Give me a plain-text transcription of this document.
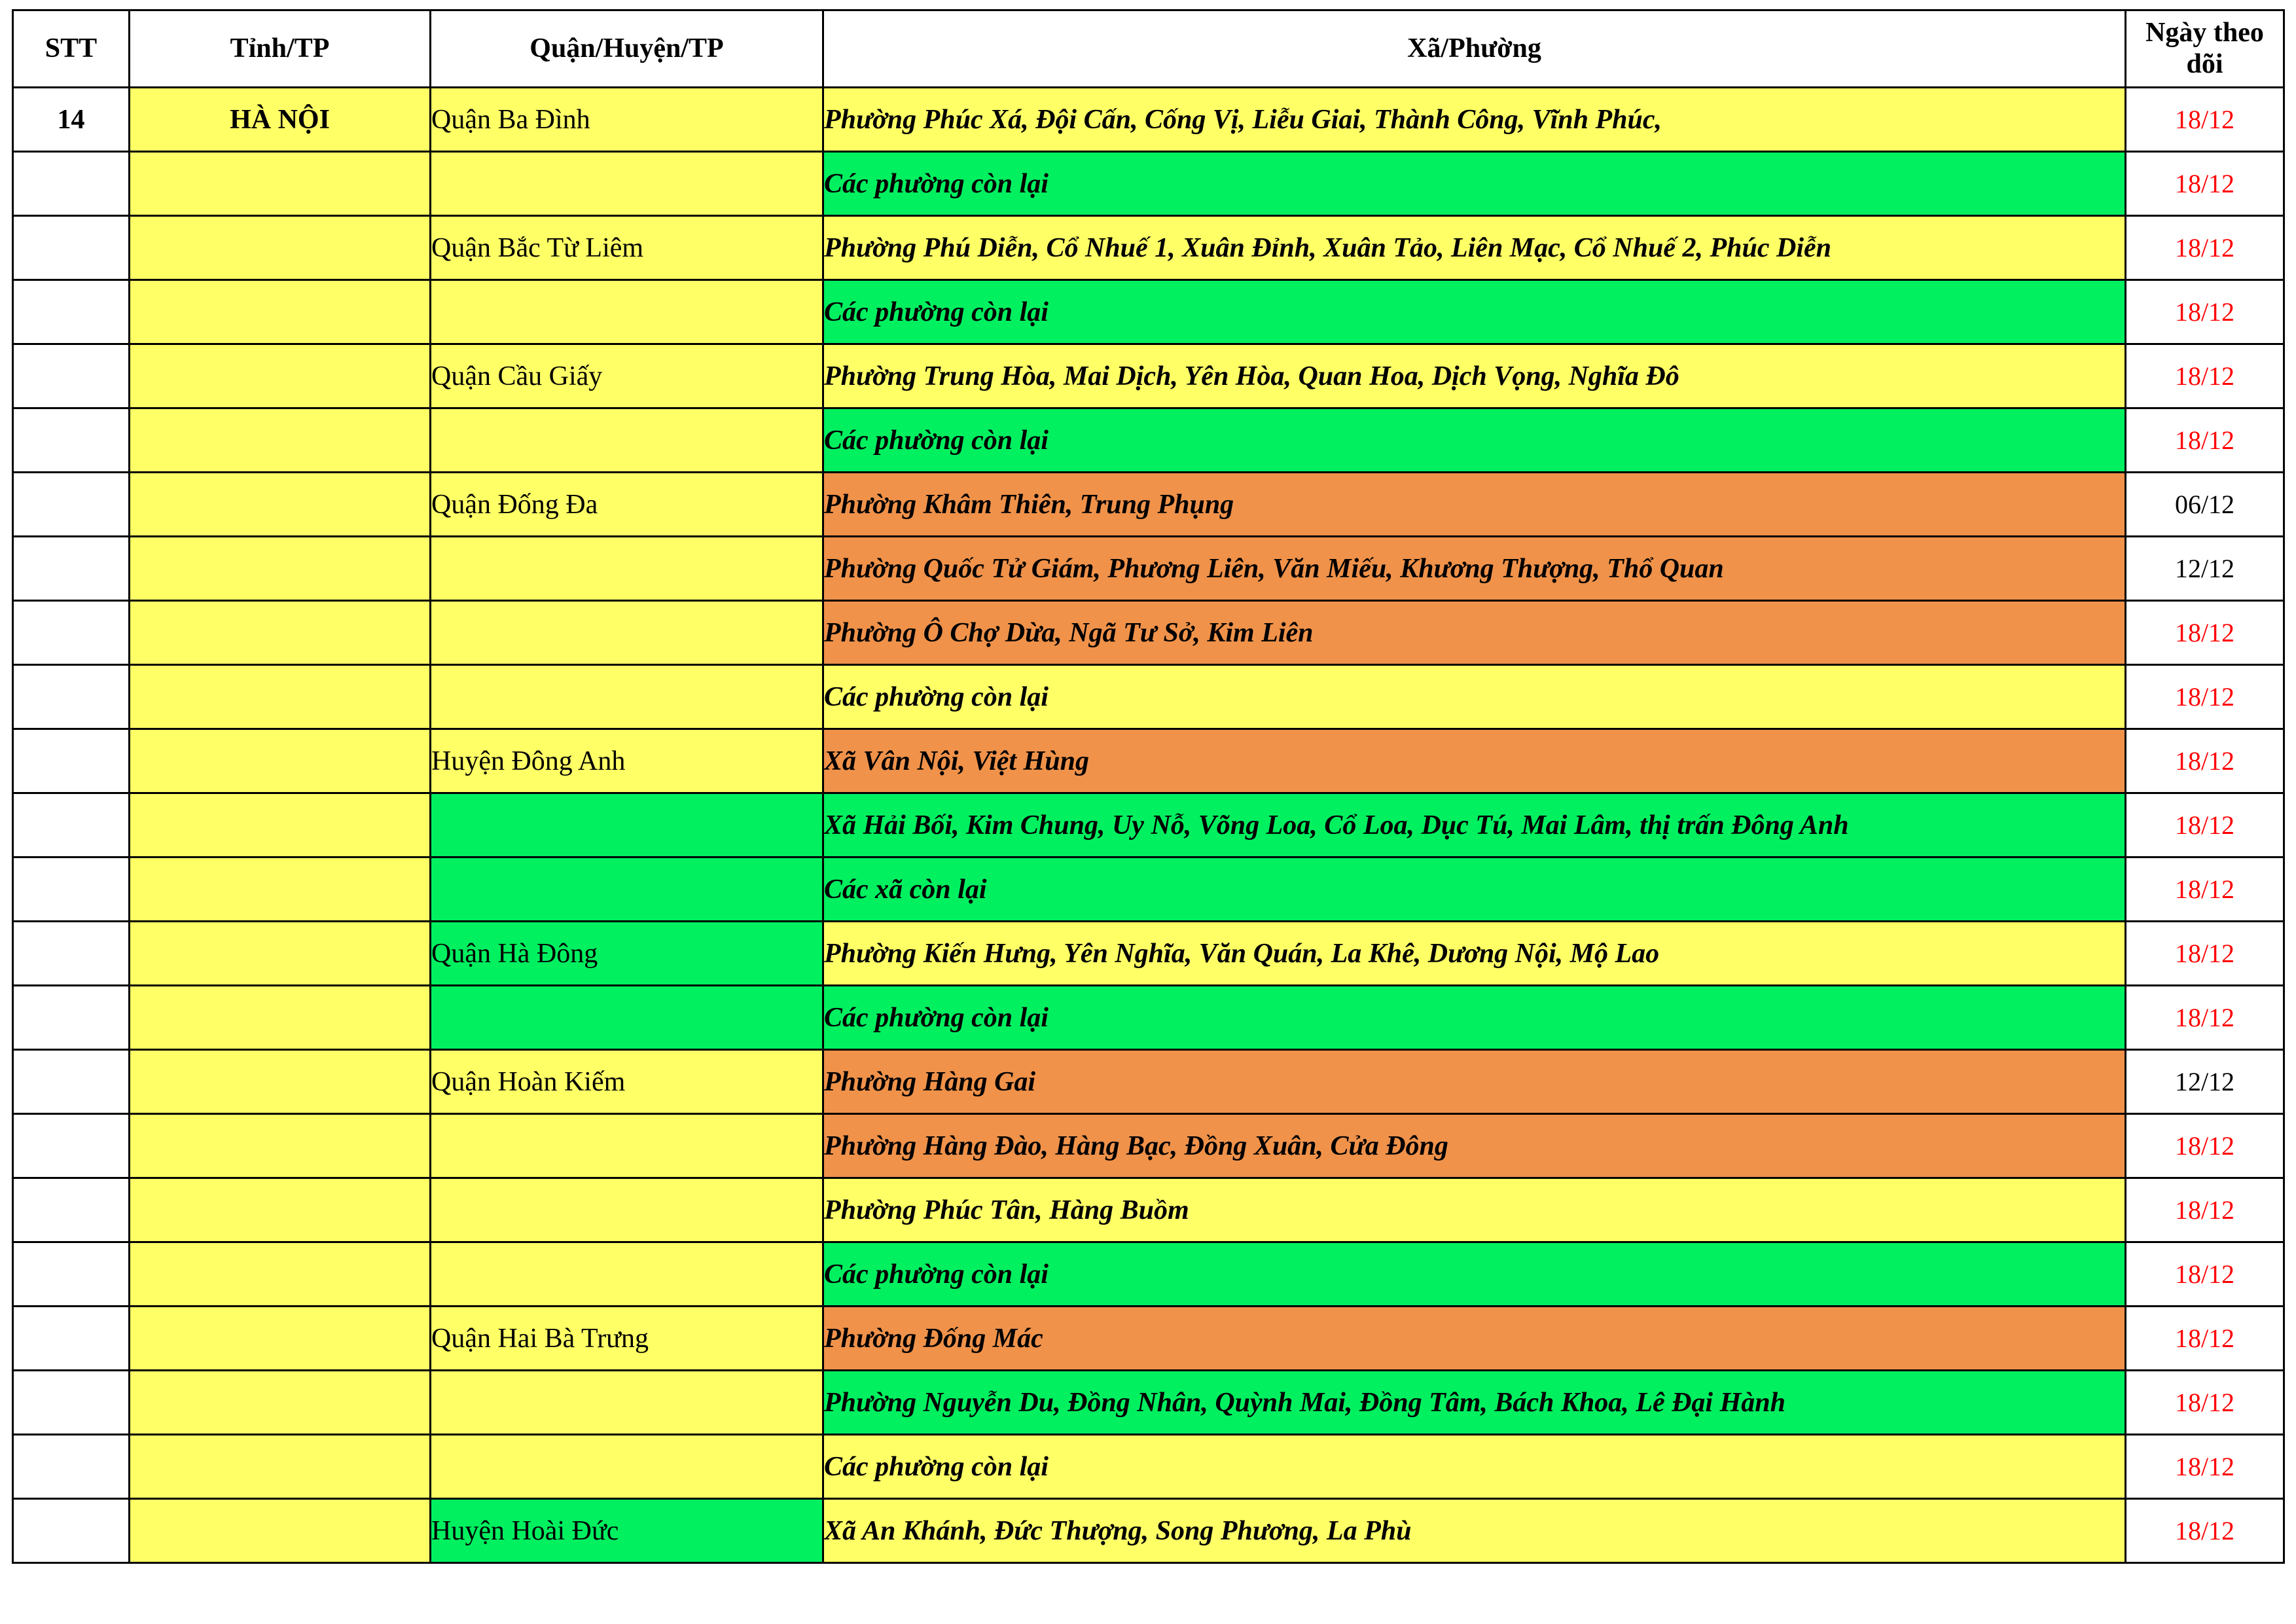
STT	Tỉnh/TP	Quận/Huyện/TP	Xã/Phường	Ngày theo dõi
14	HÀ NỘI	Quận Ba Đình	Phường Phúc Xá, Đội Cấn, Cống Vị, Liễu Giai, Thành Công, Vĩnh Phúc,	18/12
			Các phường còn lại	18/12
		Quận Bắc Từ Liêm	Phường Phú Diễn, Cổ Nhuế 1, Xuân Đỉnh, Xuân Tảo, Liên Mạc, Cổ Nhuế 2, Phúc Diễn	18/12
			Các phường còn lại	18/12
		Quận Cầu Giấy	Phường Trung Hòa, Mai Dịch, Yên Hòa, Quan Hoa, Dịch Vọng, Nghĩa Đô	18/12
			Các phường còn lại	18/12
		Quận Đống Đa	Phường Khâm Thiên, Trung Phụng	06/12
			Phường Quốc Tử Giám, Phương Liên, Văn Miếu, Khương Thượng, Thổ Quan	12/12
			Phường Ô Chợ Dừa, Ngã Tư Sở, Kim Liên	18/12
			Các phường còn lại	18/12
		Huyện Đông Anh	Xã Vân Nội, Việt Hùng	18/12
			Xã Hải Bối, Kim Chung, Uy Nỗ, Võng Loa, Cổ Loa, Dục Tú, Mai Lâm, thị trấn Đông Anh	18/12
			Các xã còn lại	18/12
		Quận Hà Đông	Phường Kiến Hưng, Yên Nghĩa, Văn Quán, La Khê, Dương Nội, Mộ Lao	18/12
			Các phường còn lại	18/12
		Quận Hoàn Kiếm	Phường Hàng Gai	12/12
			Phường Hàng Đào, Hàng Bạc, Đồng Xuân, Cửa Đông	18/12
			Phường Phúc Tân, Hàng Buồm	18/12
			Các phường còn lại	18/12
		Quận Hai Bà Trưng	Phường Đống Mác	18/12
			Phường Nguyễn Du, Đồng Nhân, Quỳnh Mai, Đồng Tâm, Bách Khoa, Lê Đại Hành	18/12
			Các phường còn lại	18/12
		Huyện Hoài Đức	Xã An Khánh, Đức Thượng, Song Phương, La Phù	18/12
